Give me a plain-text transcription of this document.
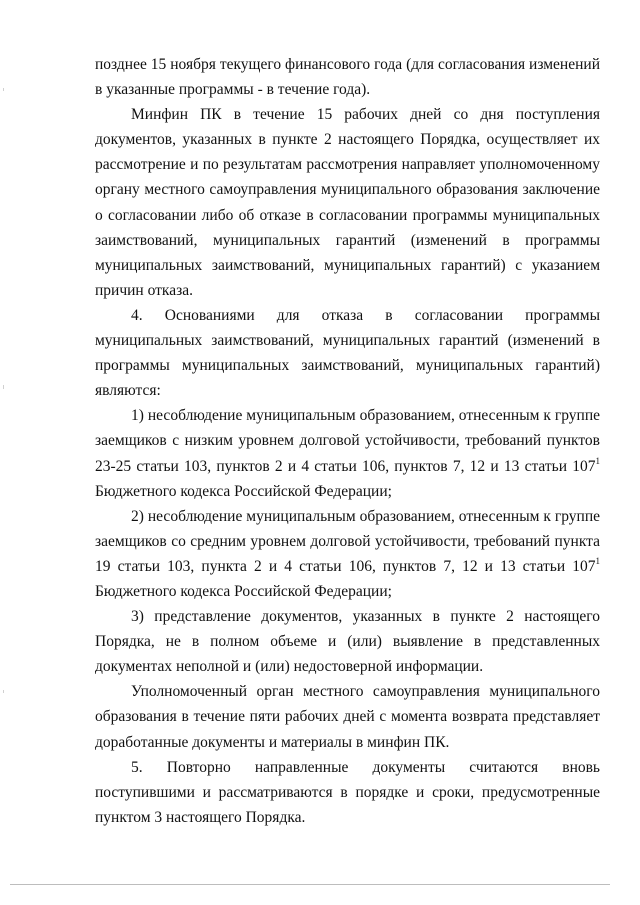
позднее 15 ноября текущего финансового года (для согласования изменений в указанные программы - в течение года).

Минфин ПК в течение 15 рабочих дней со дня поступления документов, указанных в пункте 2 настоящего Порядка, осуществляет их рассмотрение и по результатам рассмотрения направляет уполномоченному органу местного самоуправления муниципального образования заключение о согласовании либо об отказе в согласовании программы муниципальных заимствований, муниципальных гарантий (изменений в программы муниципальных заимствований, муниципальных гарантий) с указанием причин отказа.

4. Основаниями для отказа в согласовании программы муниципальных заимствований, муниципальных гарантий (изменений в программы муниципальных заимствований, муниципальных гарантий) являются:

1) несоблюдение муниципальным образованием, отнесенным к группе заемщиков с низким уровнем долговой устойчивости, требований пунктов 23-25 статьи 103, пунктов 2 и 4 статьи 106, пунктов 7, 12 и 13 статьи $107^1$ Бюджетного кодекса Российской Федерации;

2) несоблюдение муниципальным образованием, отнесенным к группе заемщиков со средним уровнем долговой устойчивости, требований пункта 19 статьи 103, пункта 2 и 4 статьи 106, пунктов 7, 12 и 13 статьи $107^1$ Бюджетного кодекса Российской Федерации;

3) представление документов, указанных в пункте 2 настоящего Порядка, не в полном объеме и (или) выявление в представленных документах неполной и (или) недостоверной информации.

Уполномоченный орган местного самоуправления муниципального образования в течение пяти рабочих дней с момента возврата представляет доработанные документы и материалы в минфин ПК.

5. Повторно направленные документы считаются вновь поступившими и рассматриваются в порядке и сроки, предусмотренные пунктом 3 настоящего Порядка.
